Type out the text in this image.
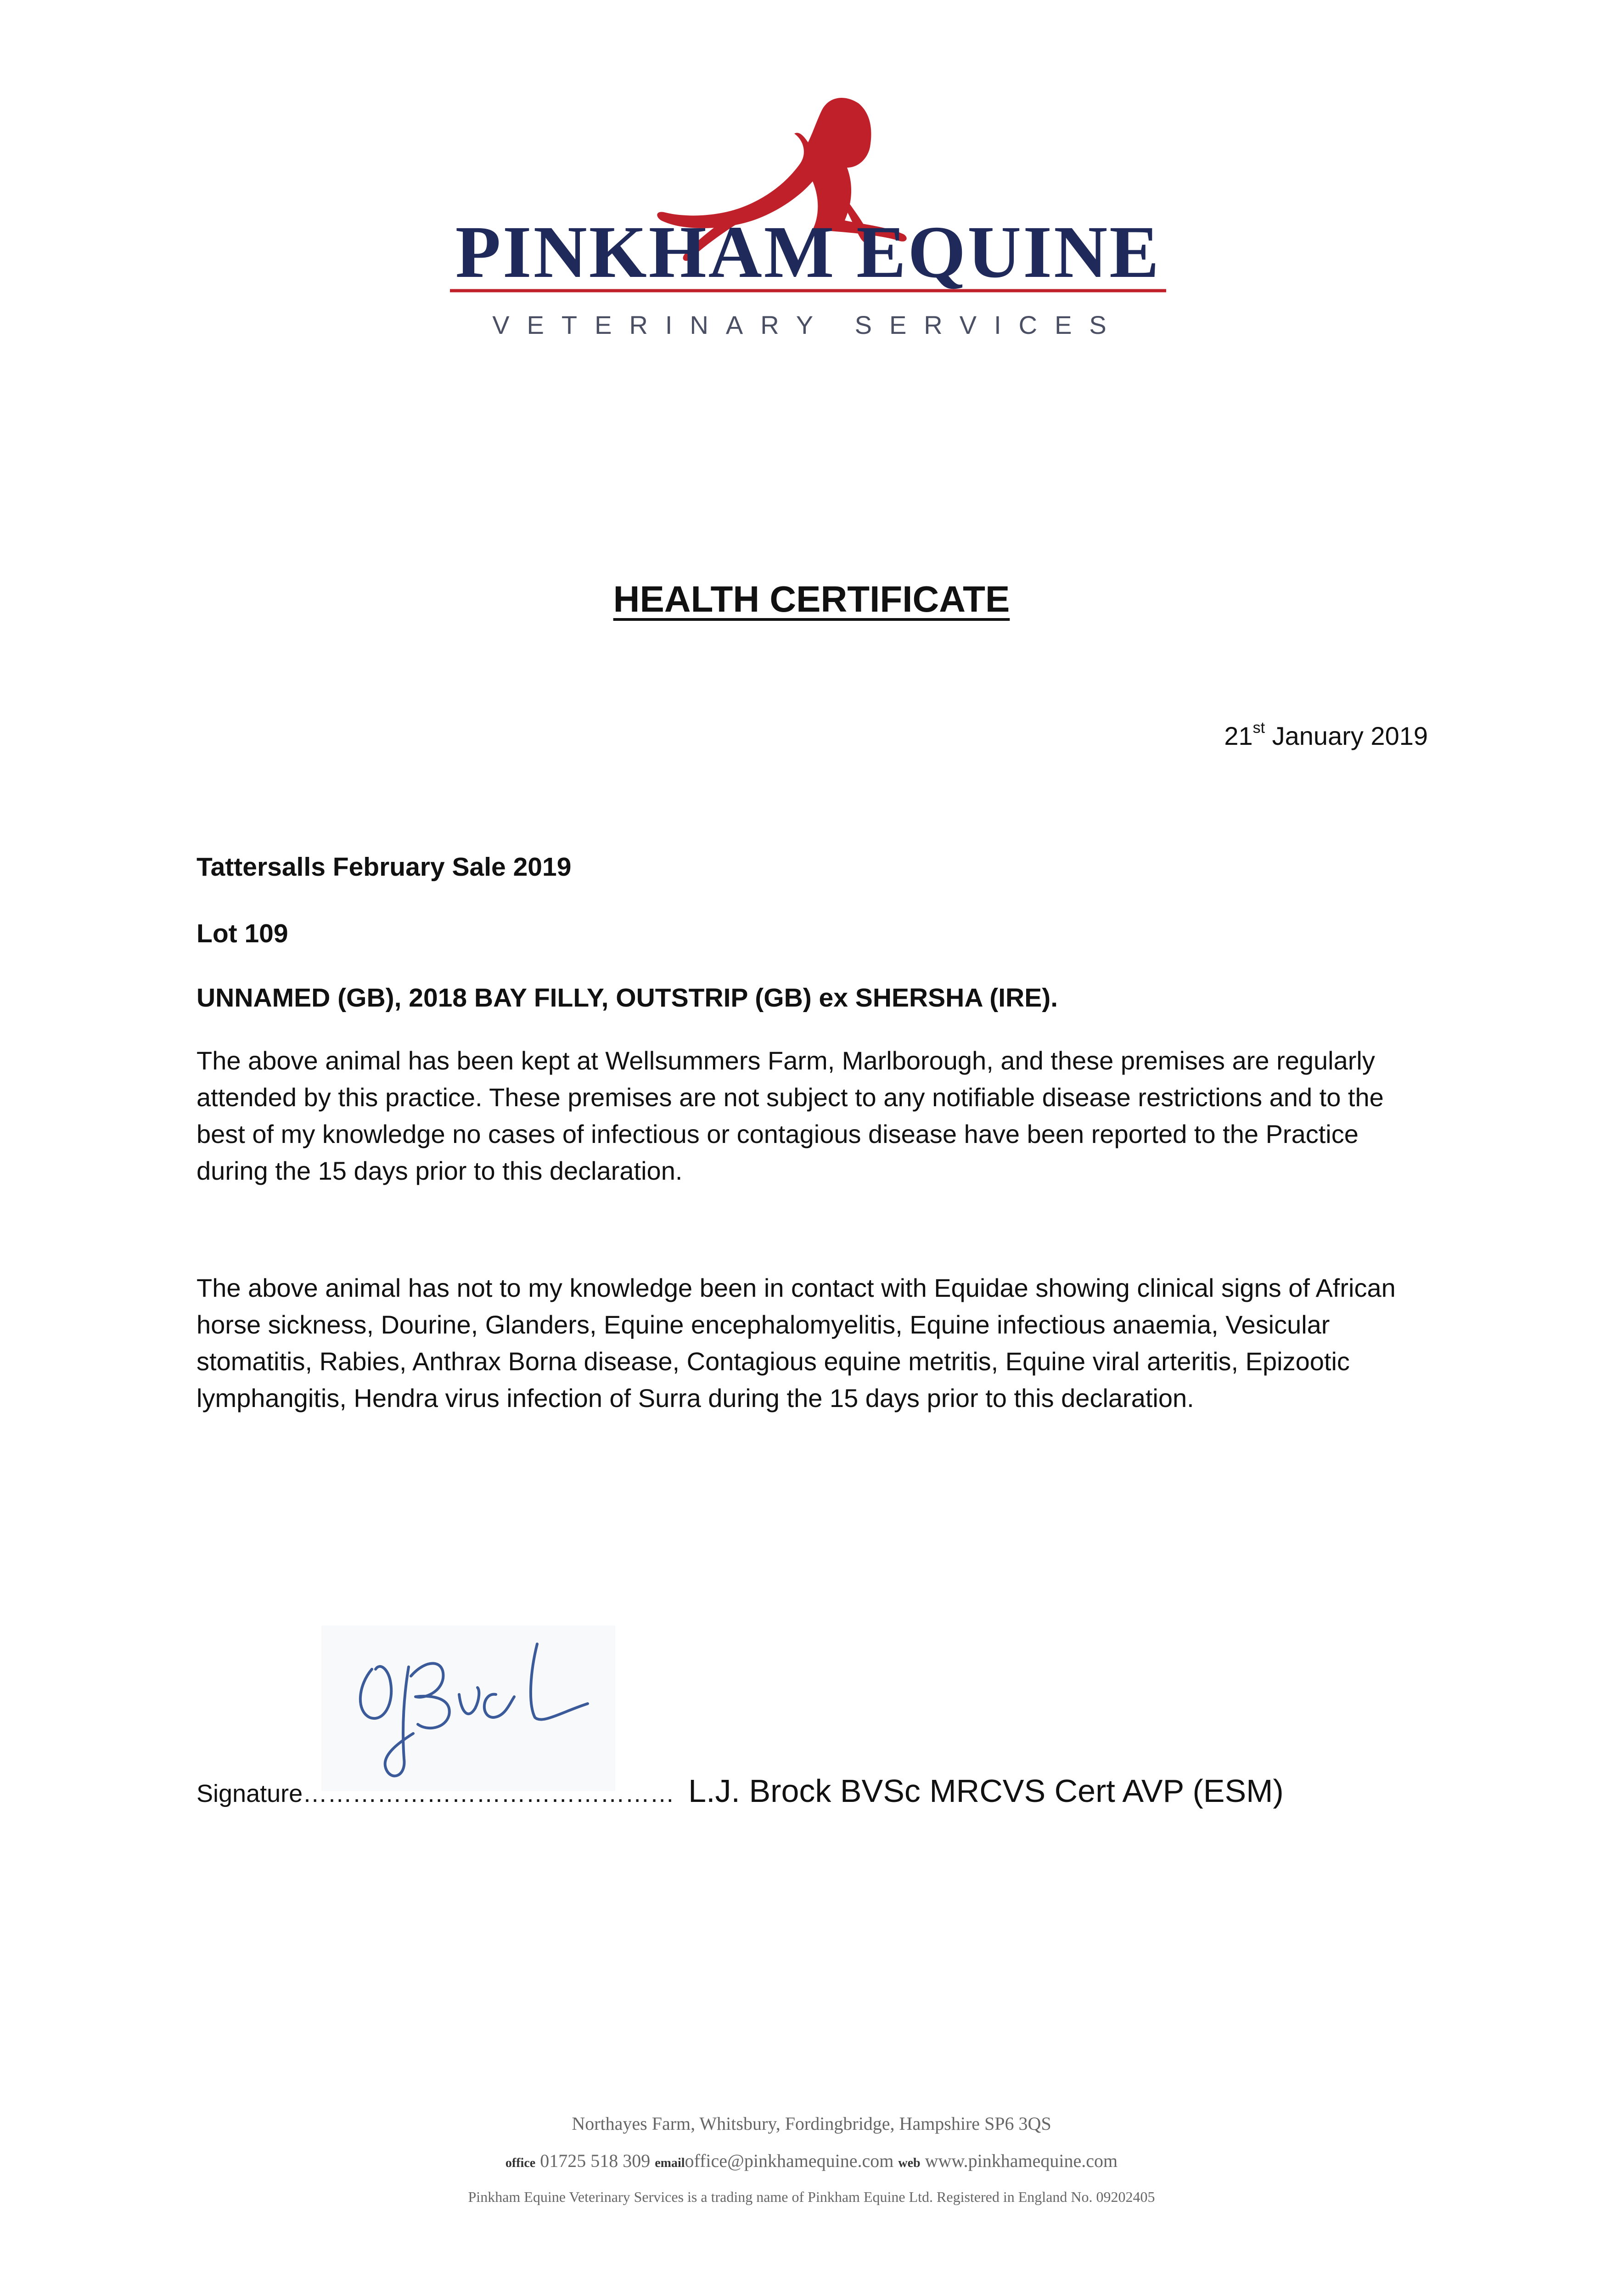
PINKHAM EQUINE
VETERINARY SERVICES
HEALTH CERTIFICATE
21st January 2019
Tattersalls February Sale 2019
Lot 109
UNNAMED (GB), 2018 BAY FILLY, OUTSTRIP (GB) ex SHERSHA (IRE).
The above animal has been kept at Wellsummers Farm, Marlborough, and these premises are regularly attended by this practice. These premises are not subject to any notifiable disease restrictions and to the best of my knowledge no cases of infectious or contagious disease have been reported to the Practice during the 15 days prior to this declaration.
The above animal has not to my knowledge been in contact with Equidae showing clinical signs of African horse sickness, Dourine, Glanders, Equine encephalomyelitis, Equine infectious anaemia, Vesicular stomatitis, Rabies, Anthrax Borna disease, Contagious equine metritis, Equine viral arteritis, Epizootic lymphangitis, Hendra virus infection of Surra during the 15 days prior to this declaration.
Signature……………………………………… L.J. Brock BVSc MRCVS Cert AVP (ESM)
Northayes Farm, Whitsbury, Fordingbridge, Hampshire SP6 3QS
office 01725 518 309 emailoffice@pinkhamequine.com web www.pinkhamequine.com
Pinkham Equine Veterinary Services is a trading name of Pinkham Equine Ltd. Registered in England No. 09202405
